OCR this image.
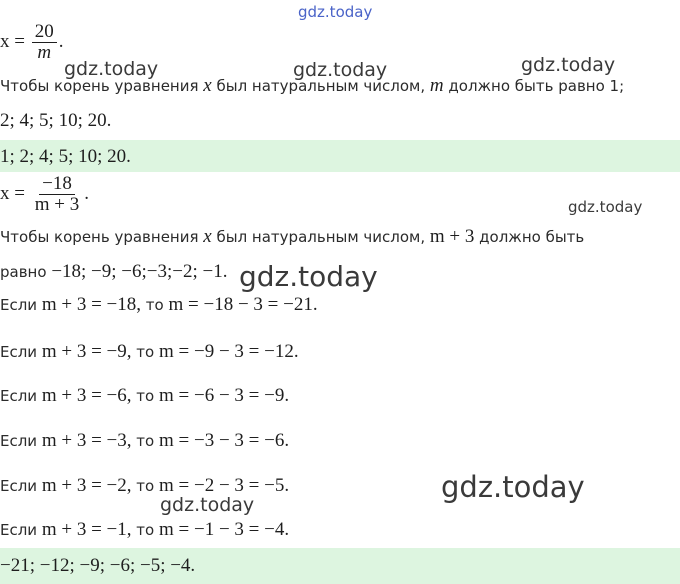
$x = \frac{20}{m}$ .
Чтобы корень уравнения x был натуральным числом, m должно быть равно 1;
2; 4; 5; 10; 20.
1; 2; 4; 5; 10; 20.
$x = \frac{-18}{m + 3}$ .
Чтобы корень уравнения x был натуральным числом, m + 3 должно быть
равно −18; −9; −6;−3;−2; −1.
Если m + 3 = −18, то m = −18 − 3 = −21.
Если m + 3 = −9, то m = −9 − 3 = −12.
Если m + 3 = −6, то m = −6 − 3 = −9.
Если m + 3 = −3, то m = −3 − 3 = −6.
Если m + 3 = −2, то m = −2 − 3 = −5.
Если m + 3 = −1, то m = −1 − 3 = −4.
−21; −12; −9; −6; −5; −4.
gdz.today
gdz.today	gdz.today	gdz.today
gdz.today
gdz.today
gdz.today
gdz.today
